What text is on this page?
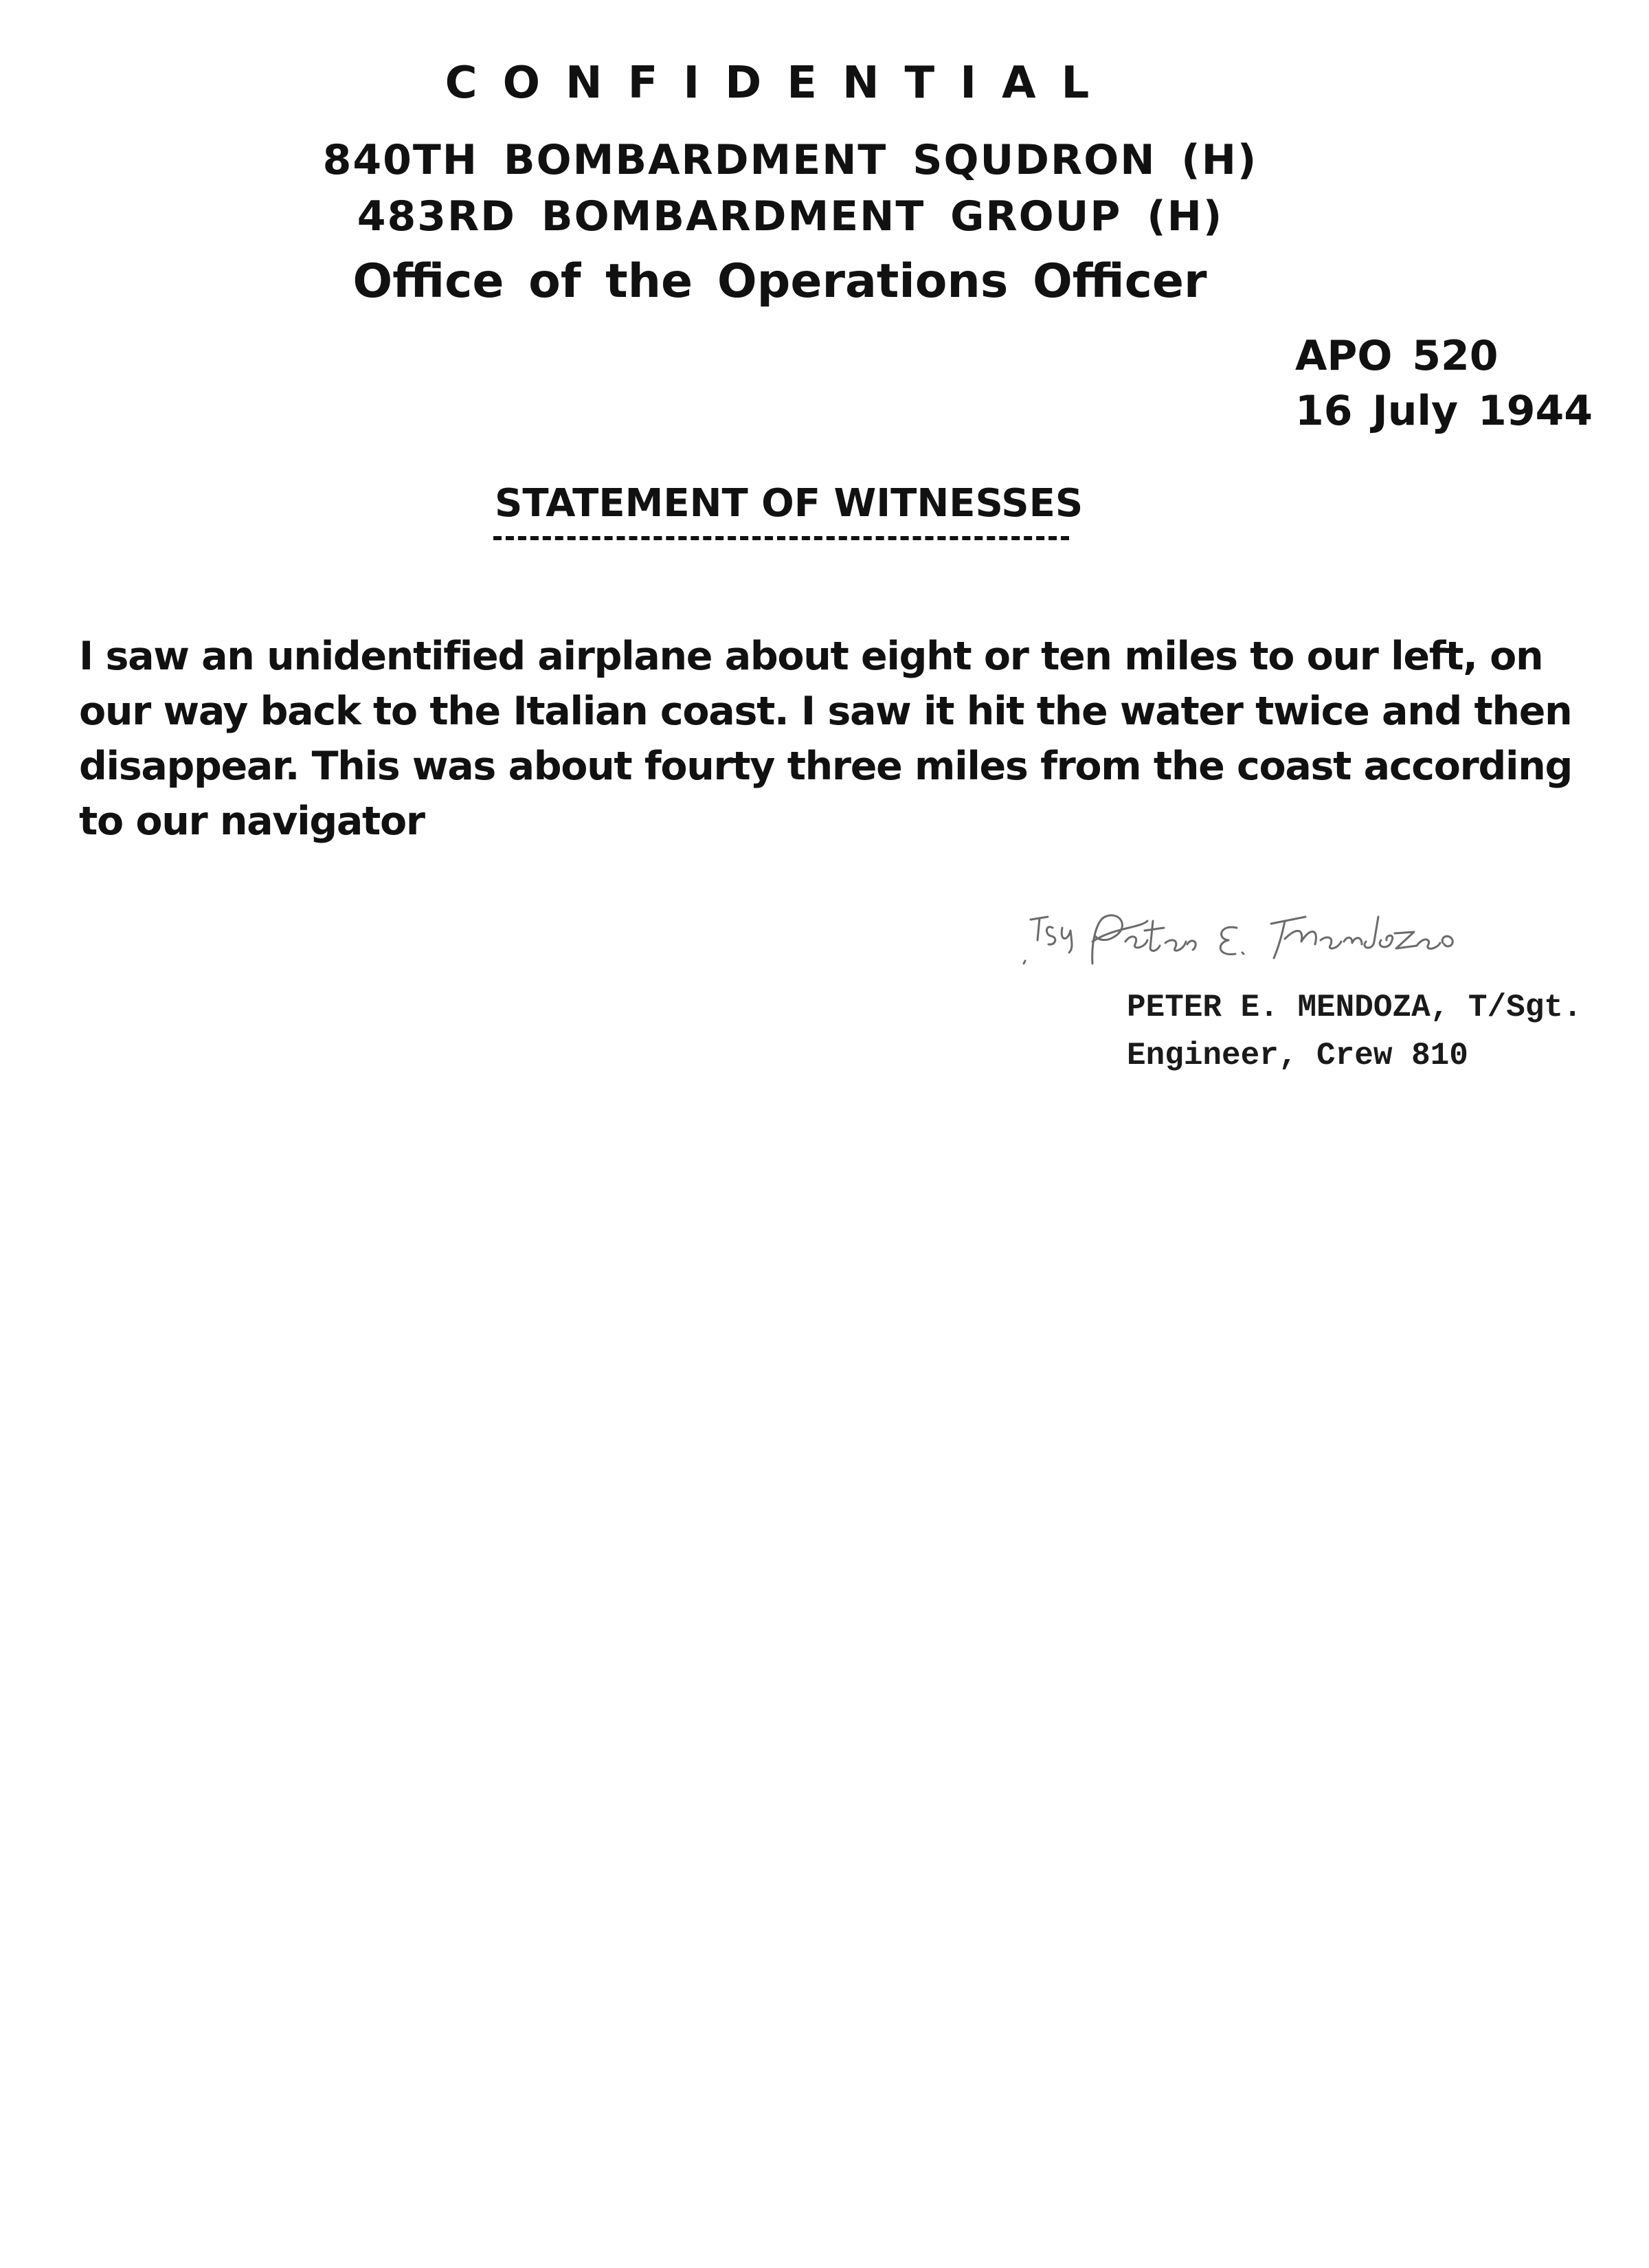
CONFIDENTIAL
840TH BOMBARDMENT SQUDRON (H)
483RD BOMBARDMENT GROUP (H)
Office of the Operations Officer
APO 520
16 July 1944
STATEMENT OF WITNESSES
I saw an unidentified airplane about eight or ten miles to our left, on our way back to the Italian coast. I saw it hit the water twice and then disappear. This was about fourty three miles from the coast according to our navigator
PETER E. MENDOZA, T/Sgt.
Engineer, Crew 810
